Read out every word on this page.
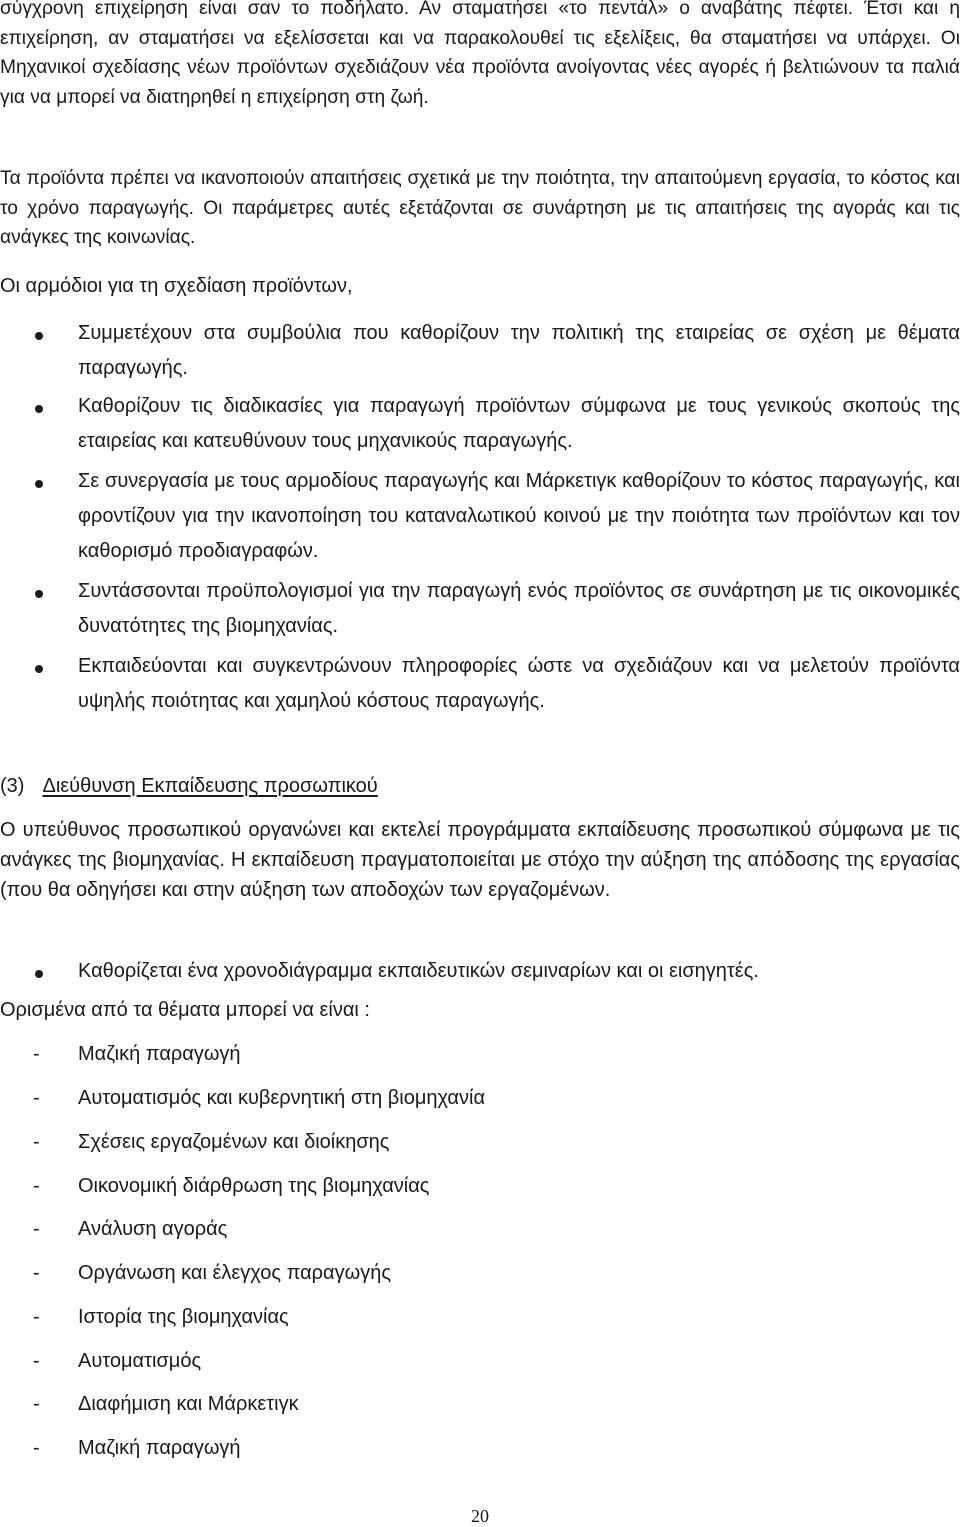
σύγχρονη επιχείρηση είναι σαν το ποδήλατο. Αν σταματήσει «το πεντάλ» ο αναβάτης πέφτει. Έτσι και η επιχείρηση, αν σταματήσει να εξελίσσεται και να παρακολουθεί τις εξελίξεις, θα σταματήσει να υπάρχει. Οι Μηχανικοί σχεδίασης νέων προϊόντων σχεδιάζουν νέα προϊόντα ανοίγοντας νέες αγορές ή βελτιώνουν τα παλιά για να μπορεί να διατηρηθεί η επιχείρηση στη ζωή.

Τα προϊόντα πρέπει να ικανοποιούν απαιτήσεις σχετικά με την ποιότητα, την απαιτούμενη εργασία, το κόστος και το χρόνο παραγωγής. Οι παράμετρες αυτές εξετάζονται σε συνάρτηση με τις απαιτήσεις της αγοράς και τις ανάγκες της κοινωνίας.

Οι αρμόδιοι για τη σχεδίαση προϊόντων,

Συμμετέχουν στα συμβούλια που καθορίζουν την πολιτική της εταιρείας σε σχέση με θέματα παραγωγής.

Καθορίζουν τις διαδικασίες για παραγωγή προϊόντων σύμφωνα με τους γενικούς σκοπούς της εταιρείας και κατευθύνουν τους μηχανικούς παραγωγής.

Σε συνεργασία με τους αρμοδίους παραγωγής και Μάρκετιγκ καθορίζουν το κόστος παραγωγής, και φροντίζουν για την ικανοποίηση του καταναλωτικού κοινού με την ποιότητα των προϊόντων και τον καθορισμό προδιαγραφών.

Συντάσσονται προϋπολογισμοί για την παραγωγή ενός προϊόντος σε συνάρτηση με τις οικονομικές δυνατότητες της βιομηχανίας.

Εκπαιδεύονται και συγκεντρώνουν πληροφορίες ώστε να σχεδιάζουν και να μελετούν προϊόντα υψηλής ποιότητας και χαμηλού κόστους παραγωγής.

(3) Διεύθυνση Εκπαίδευσης προσωπικού

Ο υπεύθυνος προσωπικού οργανώνει και εκτελεί προγράμματα εκπαίδευσης προσωπικού σύμφωνα με τις ανάγκες της βιομηχανίας. Η εκπαίδευση πραγματοποιείται με στόχο την αύξηση της απόδοσης της εργασίας (που θα οδηγήσει και στην αύξηση των αποδοχών των εργαζομένων.

Καθορίζεται ένα χρονοδιάγραμμα εκπαιδευτικών σεμιναρίων και οι εισηγητές.

Ορισμένα από τα θέματα μπορεί να είναι :

- Μαζική παραγωγή
- Αυτοματισμός και κυβερνητική στη βιομηχανία
- Σχέσεις εργαζομένων και διοίκησης
- Οικονομική διάρθρωση της βιομηχανίας
- Ανάλυση αγοράς
- Οργάνωση και έλεγχος παραγωγής
- Ιστορία της βιομηχανίας
- Αυτοματισμός
- Διαφήμιση και Μάρκετιγκ
- Μαζική παραγωγή
20
